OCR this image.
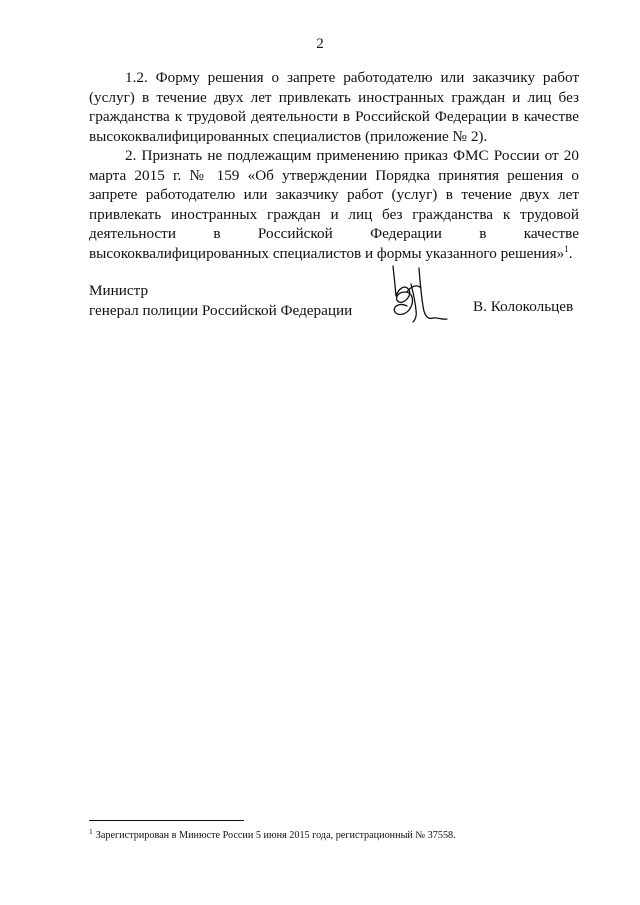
2
1.2. Форму решения о запрете работодателю или заказчику работ (услуг) в течение двух лет привлекать иностранных граждан и лиц без гражданства к трудовой деятельности в Российской Федерации в качестве высококвалифицированных специалистов (приложение № 2).
2. Признать не подлежащим применению приказ ФМС России от 20 марта 2015 г. № 159 «Об утверждении Порядка принятия решения о запрете работодателю или заказчику работ (услуг) в течение двух лет привлекать иностранных граждан и лиц без гражданства к трудовой деятельности в Российской Федерации в качестве высококвалифицированных специалистов и формы указанного решения»$^1$.
Министр
генерал полиции Российской Федерации	В. Колокольцев
$^1$ Зарегистрирован в Минюсте России 5 июня 2015 года, регистрационный № 37558.
